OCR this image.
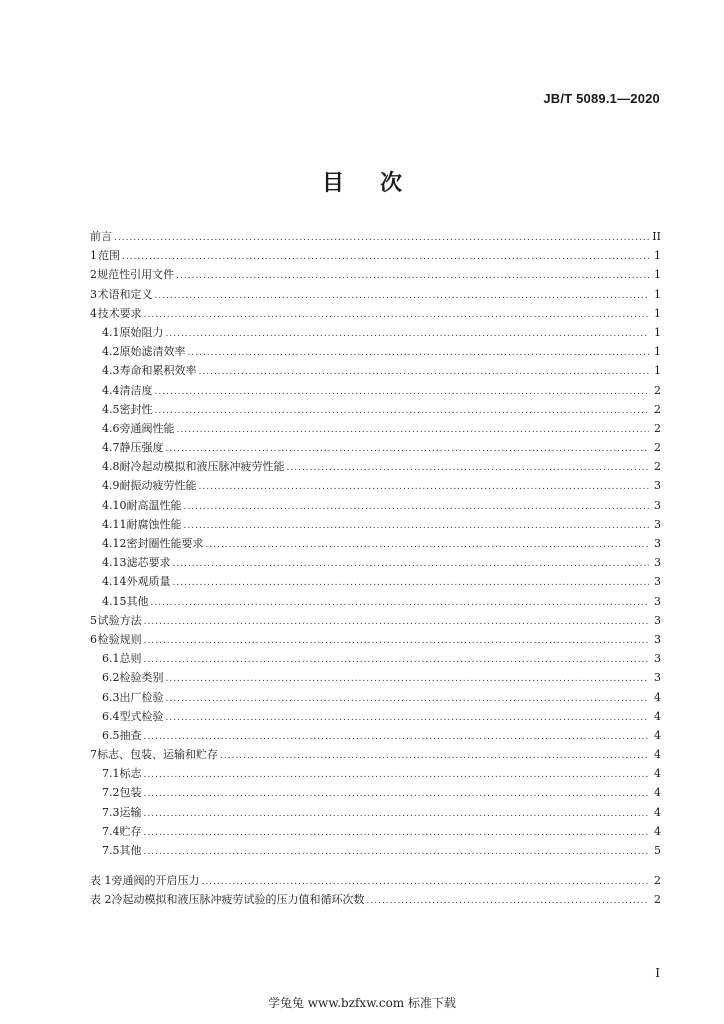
JB/T 5089.1—2020
目 次
前言 .....	II
1 范围 .....	1
2 规范性引用文件 .....	1
3 术语和定义 .....	1
4 技术要求 .....	1
4.1 原始阻力 .....	1
4.2 原始滤清效率 .....	1
4.3 寿命和累积效率 .....	1
4.4 清洁度 .....	2
4.5 密封性 .....	2
4.6 旁通阀性能 .....	2
4.7 静压强度 .....	2
4.8 耐冷起动模拟和液压脉冲疲劳性能 .....	2
4.9 耐振动疲劳性能 .....	3
4.10 耐高温性能 .....	3
4.11 耐腐蚀性能 .....	3
4.12 密封圈性能要求 .....	3
4.13 滤芯要求 .....	3
4.14 外观质量 .....	3
4.15 其他 .....	3
5 试验方法 .....	3
6 检验规则 .....	3
6.1 总则 .....	3
6.2 检验类别 .....	3
6.3 出厂检验 .....	4
6.4 型式检验 .....	4
6.5 抽查 .....	4
7 标志、包装、运输和贮存 .....	4
7.1 标志 .....	4
7.2 包装 .....	4
7.3 运输 .....	4
7.4 贮存 .....	4
7.5 其他 .....	5
表 1 旁通阀的开启压力 .....	2
表 2 冷起动模拟和液压脉冲疲劳试验的压力值和循环次数 .....	2
I
学兔兔 www.bzfxw.com 标准下载
